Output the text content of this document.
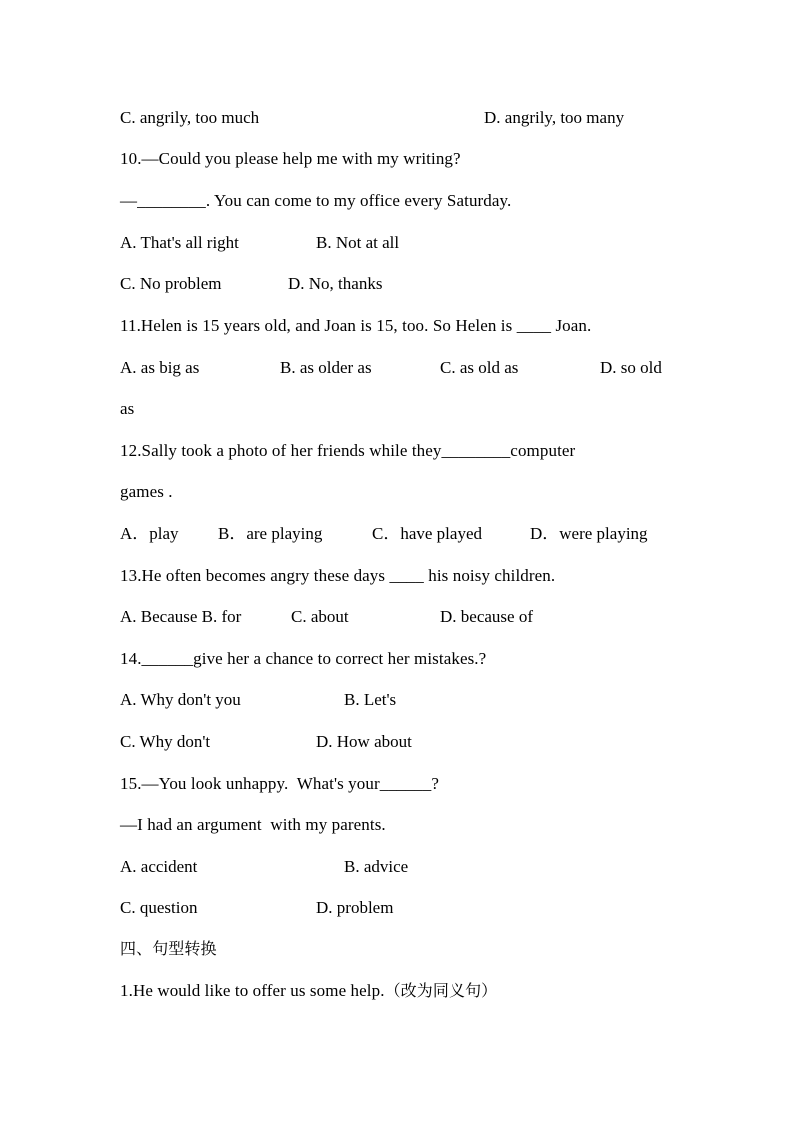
C. angrily, too much	D. angrily, too many
10.—Could you please help me with my writing?
—________. You can come to my office every Saturday.
A. That's all right	B. Not at all
C. No problem	D. No, thanks
11.Helen is 15 years old, and Joan is 15, too. So Helen is ____ Joan.
A. as big as	B. as older as	C. as old as	D. so old
as
12.Sally took a photo of her friends while they________computer
games .
A．play B．are playing	C．have played	D．were playing
13.He often becomes angry these days ____ his noisy children.
A. Because B. for	C. about	D. because of
14.______give her a chance to correct her mistakes.?
A. Why don't you	B. Let's
C. Why don't	D. How about
15.—You look unhappy.  What's your______?
—I had an argument  with my parents.
A. accident	B. advice
C. question	D. problem
四、句型转换
1.He would like to offer us some help.（改为同义句）
